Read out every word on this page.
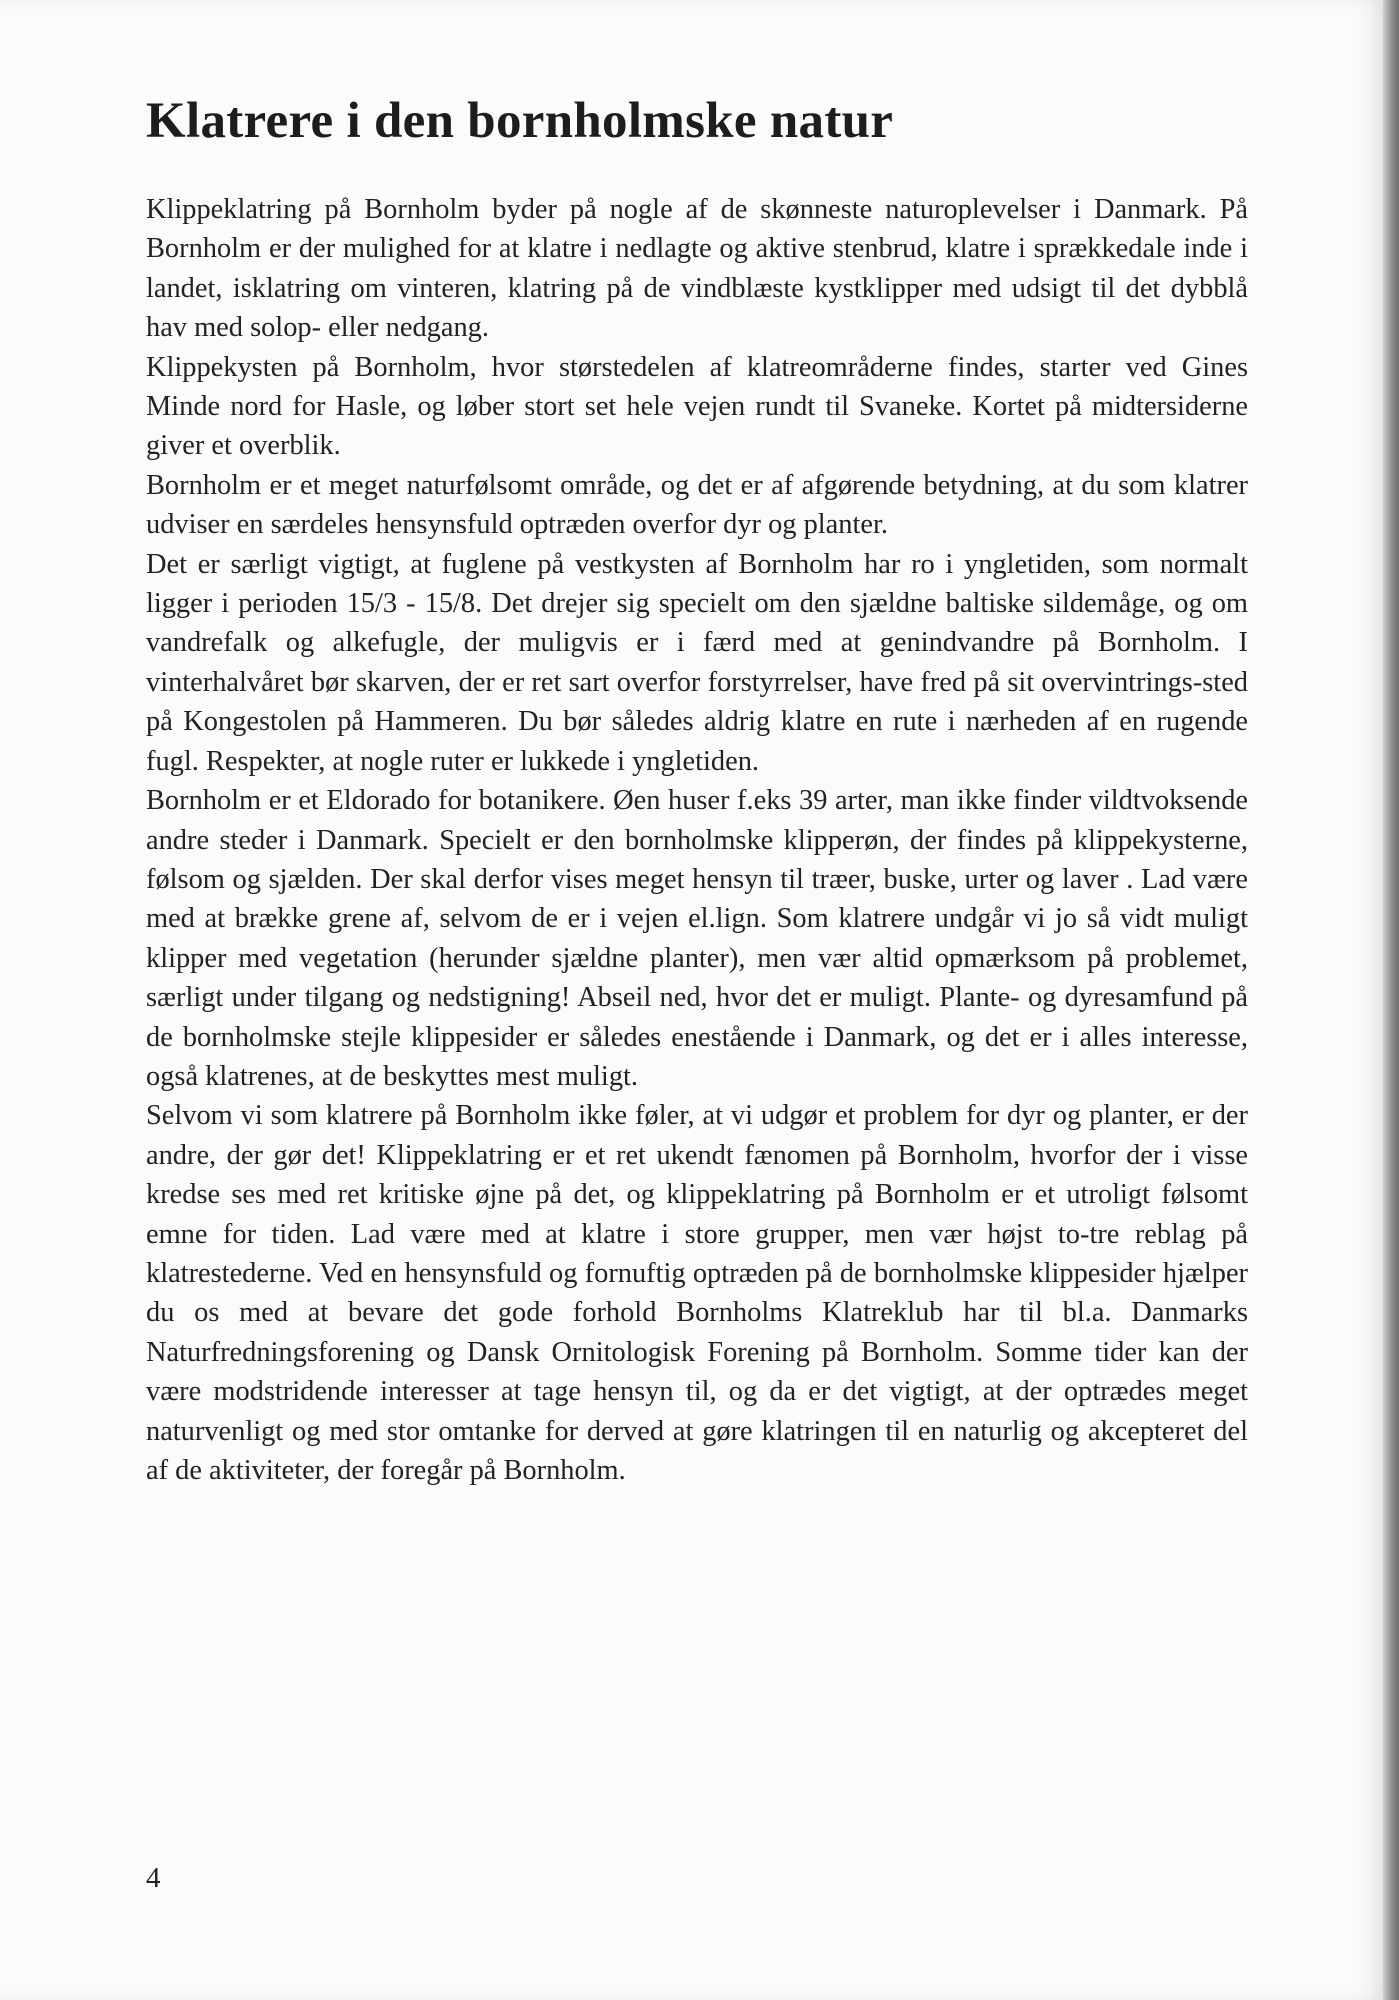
Klatrere i den bornholmske natur

Klippeklatring på Bornholm byder på nogle af de skønneste naturoplevelser i Danmark. På Bornholm er der mulighed for at klatre i nedlagte og aktive stenbrud, klatre i sprækkedale inde i landet, isklatring om vinteren, klatring på de vindblæste kystklipper med udsigt til det dybblå hav med solop- eller nedgang.

Klippekysten på Bornholm, hvor størstedelen af klatreområderne findes, starter ved Gines Minde nord for Hasle, og løber stort set hele vejen rundt til Svaneke. Kortet på midtersiderne giver et overblik.

Bornholm er et meget naturfølsomt område, og det er af afgørende betydning, at du som klatrer udviser en særdeles hensynsfuld optræden overfor dyr og planter.

Det er særligt vigtigt, at fuglene på vestkysten af Bornholm har ro i yngletiden, som normalt ligger i perioden 15/3 - 15/8. Det drejer sig specielt om den sjældne baltiske sildemåge, og om vandrefalk og alkefugle, der muligvis er i færd med at genindvandre på Bornholm. I vinterhalvåret bør skarven, der er ret sart overfor forstyrrelser, have fred på sit overvintrings-sted på Kongestolen på Hammeren. Du bør således aldrig klatre en rute i nærheden af en rugende fugl. Respekter, at nogle ruter er lukkede i yngletiden.

Bornholm er et Eldorado for botanikere. Øen huser f.eks 39 arter, man ikke finder vildtvoksende andre steder i Danmark. Specielt er den bornholmske klipperøn, der findes på klippekysterne, følsom og sjælden. Der skal derfor vises meget hensyn til træer, buske, urter og laver . Lad være med at brække grene af, selvom de er i vejen el.lign. Som klatrere undgår vi jo så vidt muligt klipper med vegetation (herunder sjældne planter), men vær altid opmærksom på problemet, særligt under tilgang og nedstigning! Abseil ned, hvor det er muligt. Plante- og dyresamfund på de bornholmske stejle klippesider er således enestående i Danmark, og det er i alles interesse, også klatrenes, at de beskyttes mest muligt.

Selvom vi som klatrere på Bornholm ikke føler, at vi udgør et problem for dyr og planter, er der andre, der gør det! Klippeklatring er et ret ukendt fænomen på Bornholm, hvorfor der i visse kredse ses med ret kritiske øjne på det, og klippeklatring på Bornholm er et utroligt følsomt emne for tiden. Lad være med at klatre i store grupper, men vær højst to-tre reblag på klatrestederne. Ved en hensynsfuld og fornuftig optræden på de bornholmske klippesider hjælper du os med at bevare det gode forhold Bornholms Klatreklub har til bl.a. Danmarks Naturfredningsforening og Dansk Ornitologisk Forening på Bornholm. Somme tider kan der være modstridende interesser at tage hensyn til, og da er det vigtigt, at der optrædes meget naturvenligt og med stor omtanke for derved at gøre klatringen til en naturlig og akcepteret del af de aktiviteter, der foregår på Bornholm.

4
